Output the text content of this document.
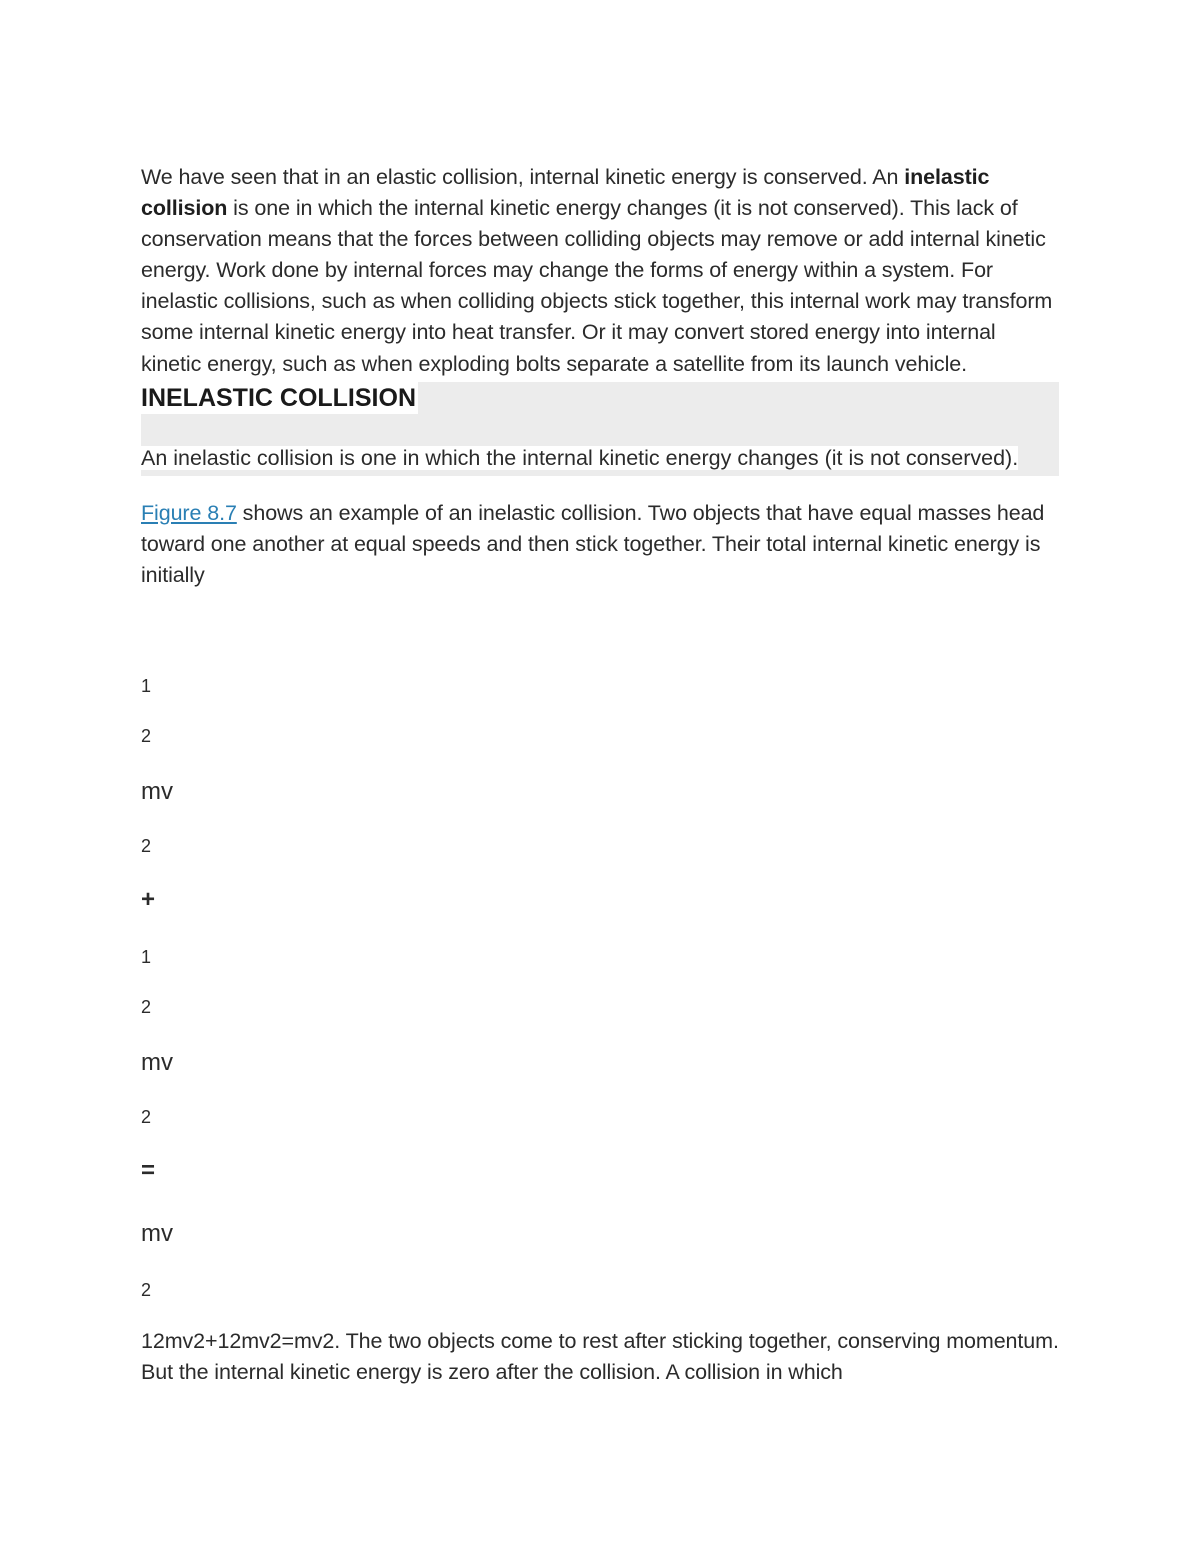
We have seen that in an elastic collision, internal kinetic energy is conserved. An inelastic collision is one in which the internal kinetic energy changes (it is not conserved). This lack of conservation means that the forces between colliding objects may remove or add internal kinetic energy. Work done by internal forces may change the forms of energy within a system. For inelastic collisions, such as when colliding objects stick together, this internal work may transform some internal kinetic energy into heat transfer. Or it may convert stored energy into internal kinetic energy, such as when exploding bolts separate a satellite from its launch vehicle.

INELASTIC COLLISION

An inelastic collision is one in which the internal kinetic energy changes (it is not conserved).

Figure 8.7 shows an example of an inelastic collision. Two objects that have equal masses head toward one another at equal speeds and then stick together. Their total internal kinetic energy is initially

1

2

mv

2

+

1

2

mv

2

=

mv

2

12mv2+12mv2=mv2. The two objects come to rest after sticking together, conserving momentum. But the internal kinetic energy is zero after the collision. A collision in which
